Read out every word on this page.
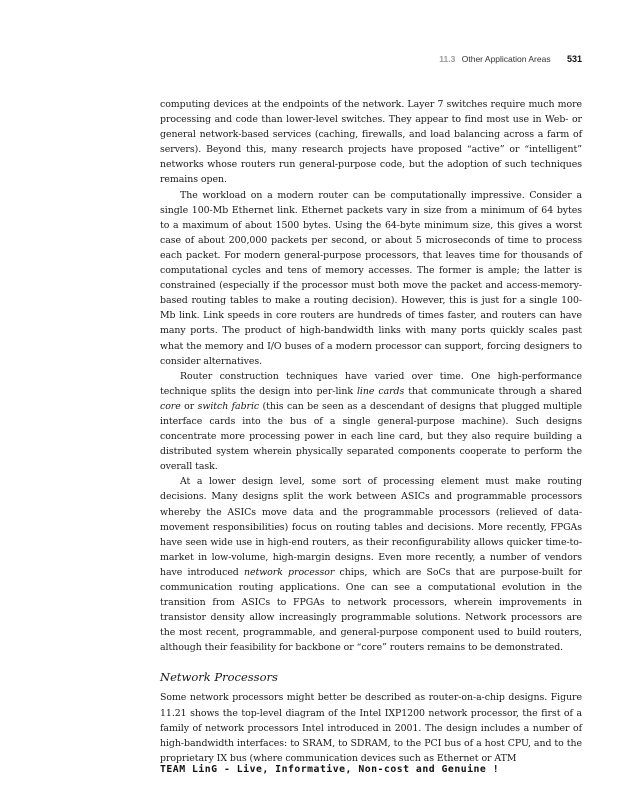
11.3 Other Application Areas 531

computing devices at the endpoints of the network. Layer 7 switches require much more processing and code than lower-level switches. They appear to find most use in Web- or general network-based services (caching, firewalls, and load balancing across a farm of servers). Beyond this, many research projects have proposed “active” or “intelligent” networks whose routers run general-purpose code, but the adoption of such techniques remains open.

The workload on a modern router can be computationally impressive. Consider a single 100-Mb Ethernet link. Ethernet packets vary in size from a minimum of 64 bytes to a maximum of about 1500 bytes. Using the 64-byte minimum size, this gives a worst case of about 200,000 packets per second, or about 5 microseconds of time to process each packet. For modern general-purpose processors, that leaves time for thousands of computational cycles and tens of memory accesses. The former is ample; the latter is constrained (especially if the processor must both move the packet and access-memory-based routing tables to make a routing decision). However, this is just for a single 100-Mb link. Link speeds in core routers are hundreds of times faster, and routers can have many ports. The product of high-bandwidth links with many ports quickly scales past what the memory and I/O buses of a modern processor can support, forcing designers to consider alternatives.

Router construction techniques have varied over time. One high-performance technique splits the design into per-link line cards that communicate through a shared core or switch fabric (this can be seen as a descendant of designs that plugged multiple interface cards into the bus of a single general-purpose machine). Such designs concentrate more processing power in each line card, but they also require building a distributed system wherein physically separated components cooperate to perform the overall task.

At a lower design level, some sort of processing element must make routing decisions. Many designs split the work between ASICs and programmable processors whereby the ASICs move data and the programmable processors (relieved of data-movement responsibilities) focus on routing tables and decisions. More recently, FPGAs have seen wide use in high-end routers, as their reconfigurability allows quicker time-to-market in low-volume, high-margin designs. Even more recently, a number of vendors have introduced network processor chips, which are SoCs that are purpose-built for communication routing applications. One can see a computational evolution in the transition from ASICs to FPGAs to network processors, wherein improvements in transistor density allow increasingly programmable solutions. Network processors are the most recent, programmable, and general-purpose component used to build routers, although their feasibility for backbone or “core” routers remains to be demonstrated.

Network Processors

Some network processors might better be described as router-on-a-chip designs. Figure 11.21 shows the top-level diagram of the Intel IXP1200 network processor, the first of a family of network processors Intel introduced in 2001. The design includes a number of high-bandwidth interfaces: to SRAM, to SDRAM, to the PCI bus of a host CPU, and to the proprietary IX bus (where communication devices such as Ethernet or ATM

TEAM LinG - Live, Informative, Non-cost and Genuine !
